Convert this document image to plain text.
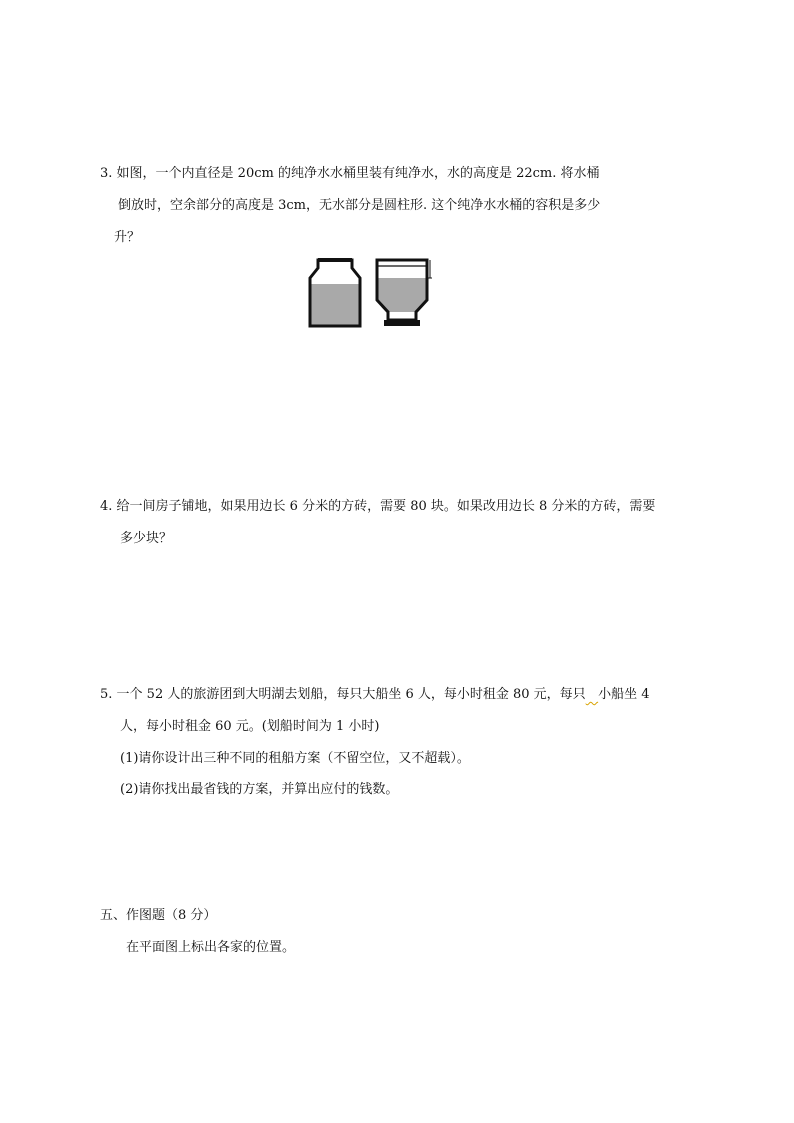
3. 如图，一个内直径是 20cm 的纯净水水桶里装有纯净水，水的高度是 22cm. 将水桶
倒放时，空余部分的高度是 3cm，无水部分是圆柱形. 这个纯净水水桶的容积是多少
升？
4. 给一间房子铺地，如果用边长 6 分米的方砖，需要 80 块。如果改用边长 8 分米的方砖，需要
多少块？
5. 一个 52 人的旅游团到大明湖去划船，每只大船坐 6 人，每小时租金 80 元，每只 小船坐 4
人，每小时租金 60 元。(划船时间为 1 小时)
(1)请你设计出三种不同的租船方案（不留空位，又不超载）。
(2)请你找出最省钱的方案，并算出应付的钱数。
五、作图题（8 分）
在平面图上标出各家的位置。
